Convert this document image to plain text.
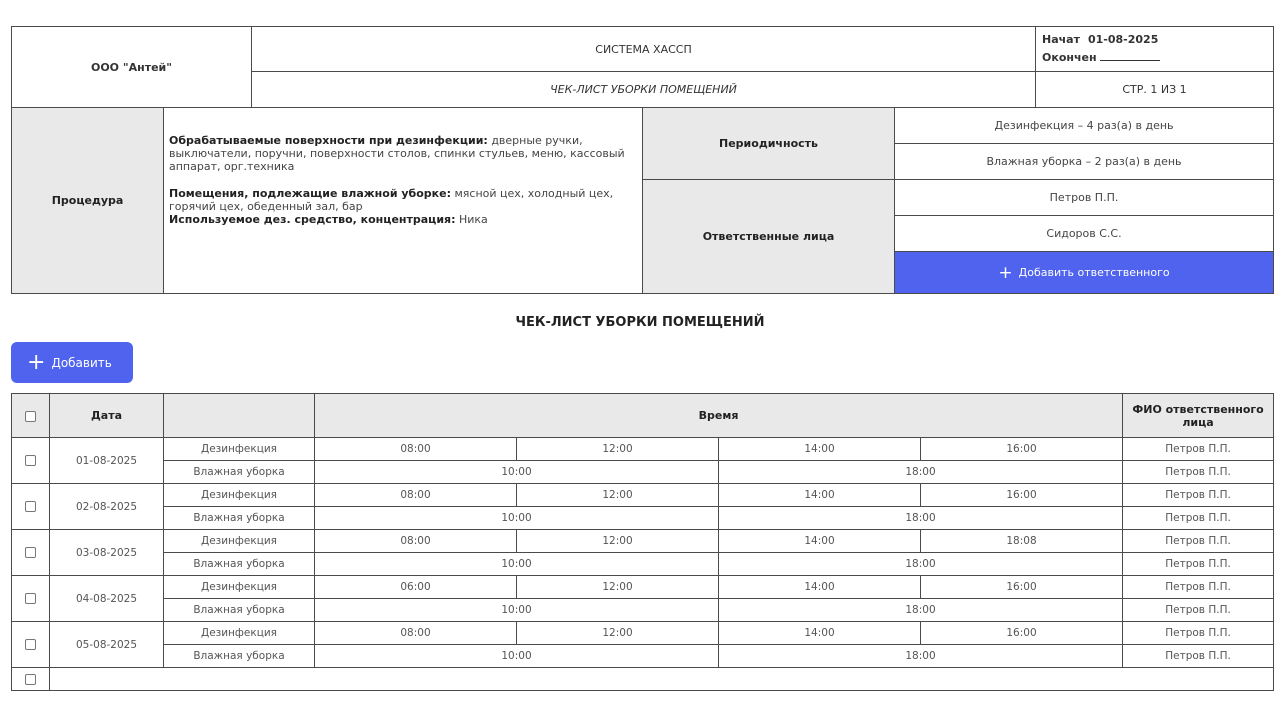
ООО "Антей"	СИСТЕМА ХАССП	Начат 01-08-2025
Окончен

	ЧЕК-ЛИСТ УБОРКИ ПОМЕЩЕНИЙ	СТР. 1 ИЗ 1
Процедура	Обрабатываемые поверхности при дезинфекции: дверные ручки, выключатели, поручни, поверхности столов, спинки стульев, меню, кассовый аппарат, орг.техника
Помещения, подлежащие влажной уборке: мясной цех, холодный цех, горячий цех, обеденный зал, бар
Используемое дез. средство, концентрация: Ника	Периодичность	Дезинфекция – 4 раз(а) в день
			Влажная уборка – 2 раз(а) в день
		Ответственные лица	Петров П.П.
			Сидоров С.С.
			+ Добавить ответственного
ЧЕК-ЛИСТ УБОРКИ ПОМЕЩЕНИЙ
+ Добавить
	Дата		Время				ФИО ответственного лица
	01-08-2025	Дезинфекция	08:00	12:00	14:00	16:00	Петров П.П.
		Влажная уборка	10:00		18:00		Петров П.П.
	02-08-2025	Дезинфекция	08:00	12:00	14:00	16:00	Петров П.П.
		Влажная уборка	10:00		18:00		Петров П.П.
	03-08-2025	Дезинфекция	08:00	12:00	14:00	18:08	Петров П.П.
		Влажная уборка	10:00		18:00		Петров П.П.
	04-08-2025	Дезинфекция	06:00	12:00	14:00	16:00	Петров П.П.
		Влажная уборка	10:00		18:00		Петров П.П.
	05-08-2025	Дезинфекция	08:00	12:00	14:00	16:00	Петров П.П.
		Влажная уборка	10:00		18:00		Петров П.П.
